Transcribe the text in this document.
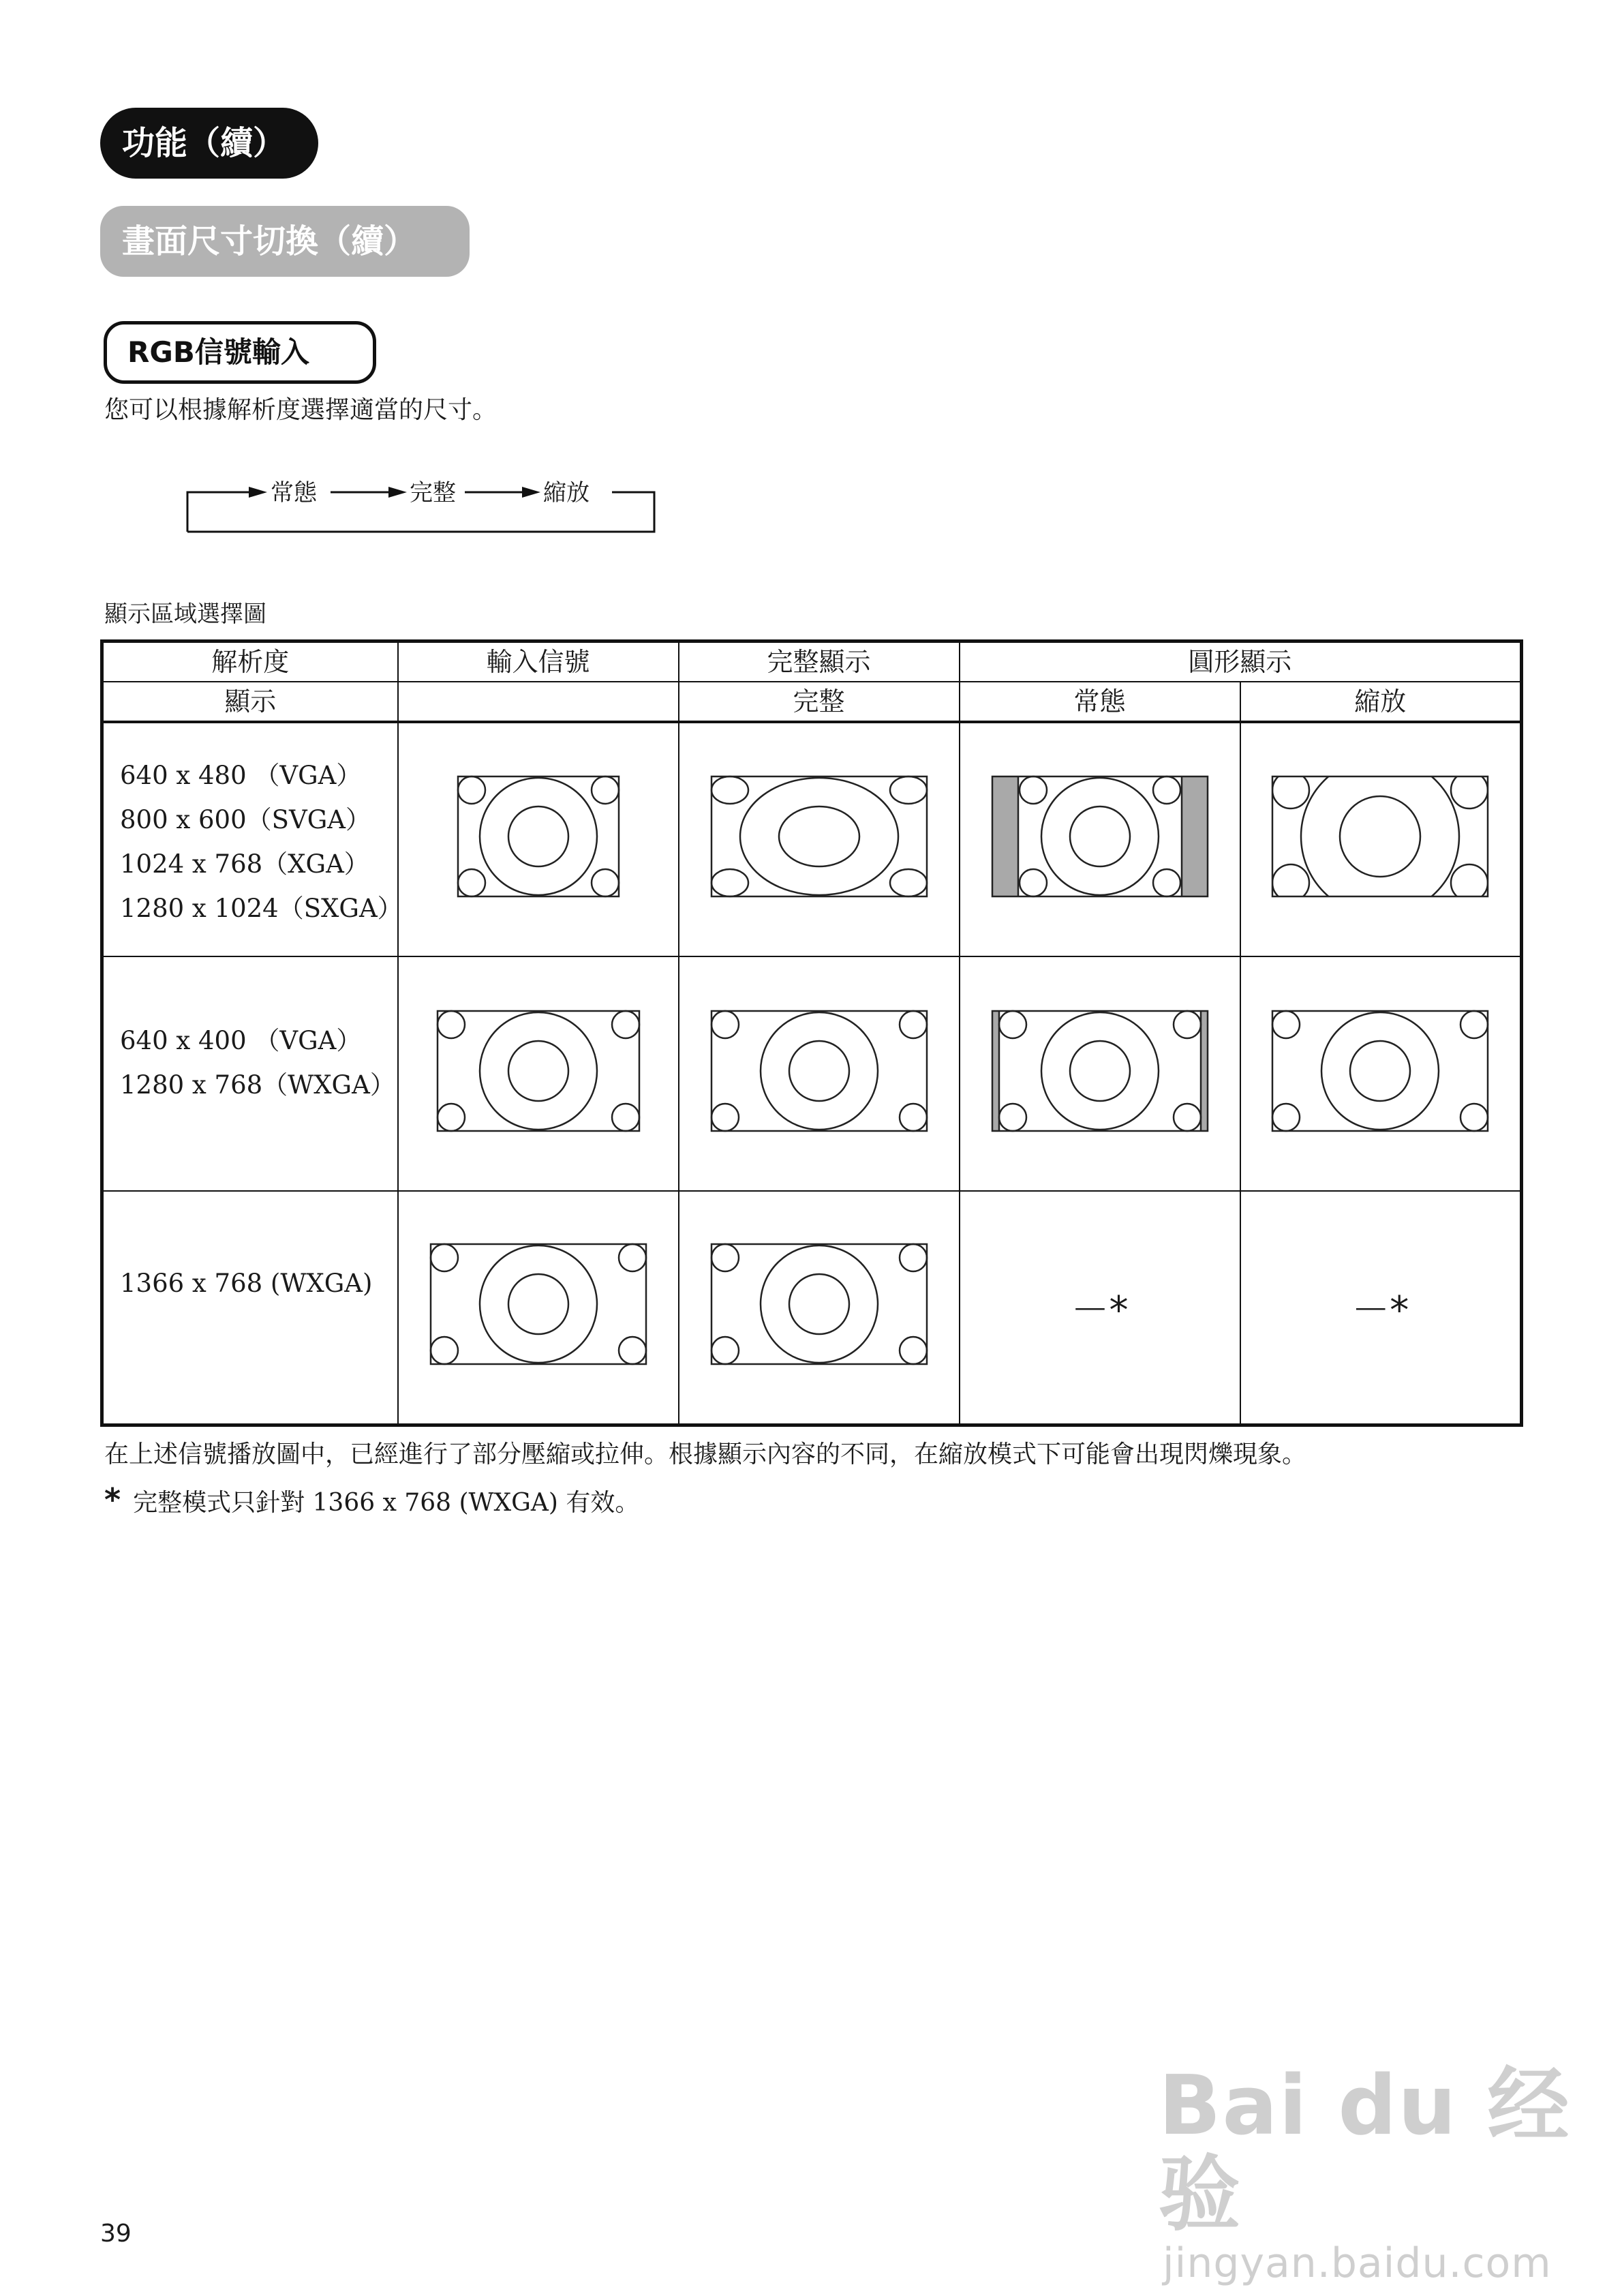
功能（續）
畫面尺寸切換（續）
RGB信號輸入
您可以根據解析度選擇適當的尺寸。
常態	完整	縮放
顯示區域選擇圖
解析度	輸入信號	完整顯示	圓形顯示	
顯示		完整	常態	縮放

640 x 480 （VGA）
800 x 600（SVGA）
1024 x 768（XGA）
1280 x 1024（SXGA）

640 x 400 （VGA）
1280 x 768（WXGA）

1366 x 768 (WXGA)			－*	－*
在上述信號播放圖中，已經進行了部分壓縮或拉伸。根據顯示內容的不同，在縮放模式下可能會出現閃爍現象。
* 完整模式只針對 1366 x 768 (WXGA) 有效。
39
Bai du 经验
jingyan.baidu.com
